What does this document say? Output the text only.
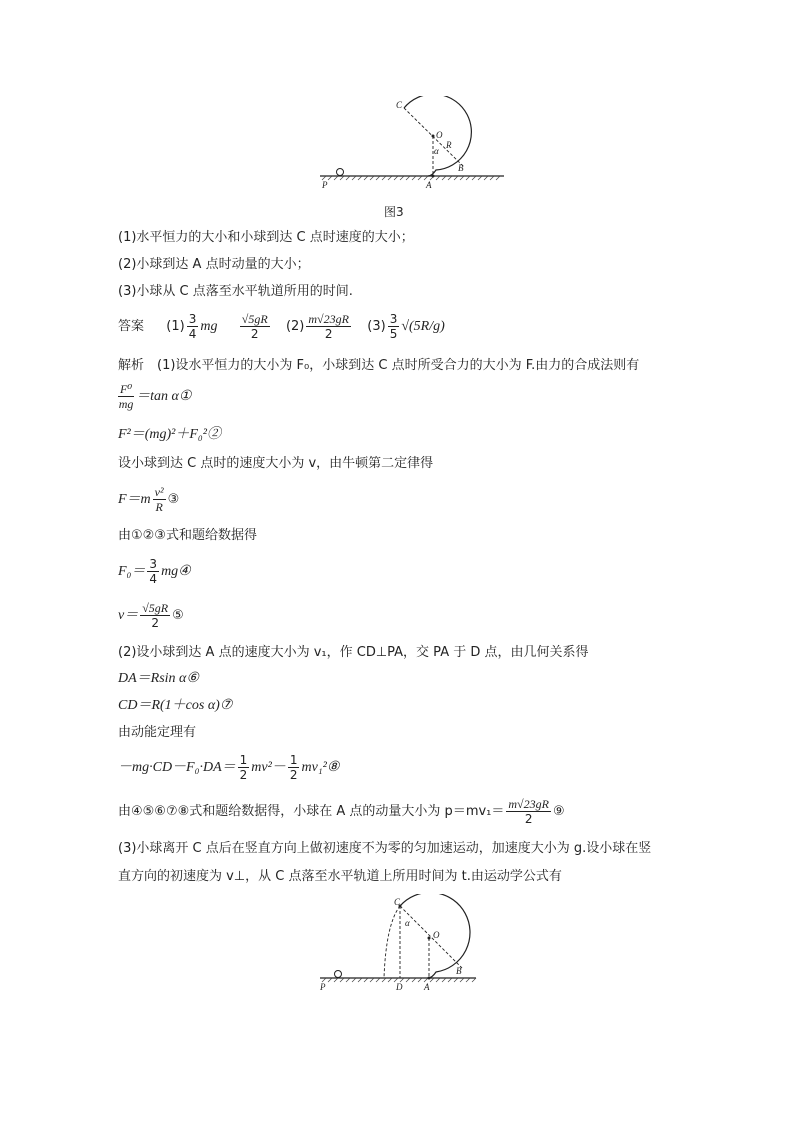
C
O
α
R
B
P	A
图3
(1)水平恒力的大小和小球到达 C 点时速度的大小；
(2)小球到达 A 点时动量的大小；
(3)小球从 C 点落至水平轨道所用的时间.
答案 $(1) \frac{3}{4}$ mg $\frac{√5gR}{2} (2) \frac{m√23gR}{2} (3) \frac{3}{5} √(5R/g)$
解析　(1)设水平恒力的大小为 F₀，小球到达 C 点时所受合力的大小为 F.由力的合成法则有
$\frac{\text{F⁰}}{mg} =\tan$ α①
F²＝(mg)²＋F₀²②
设小球到达 C 点时的速度大小为 v，由牛顿第二定律得
$F=m \frac{\text{v²}}{R}$ ③
由①②③式和题给数据得
$F_0= \frac{3}{4}$ mg④
$v= \frac{√5gR}{2}$ ⑤
(2)设小球到达 A 点的速度大小为 v₁，作 CD⊥PA，交 PA 于 D 点，由几何关系得
DA＝Rsin α⑥
CD＝R(1＋cos α)⑦
由动能定理有
$-mg\cdot CD-F_0\cdot DA= \frac{1}{2} mv^2- \frac{1}{2}$ mv₁²⑧
由④⑤⑥⑦⑧式和题给数据得，小球在 A 点的动量大小为 $p=mv_1= \frac{m√23gR}{2}$ ⑨
(3)小球离开 C 点后在竖直方向上做初速度不为零的匀加速运动，加速度大小为 g.设小球在竖
直方向的初速度为 v⊥，从 C 点落至水平轨道上所用时间为 t.由运动学公式有
C
α
O
B
P	D A
